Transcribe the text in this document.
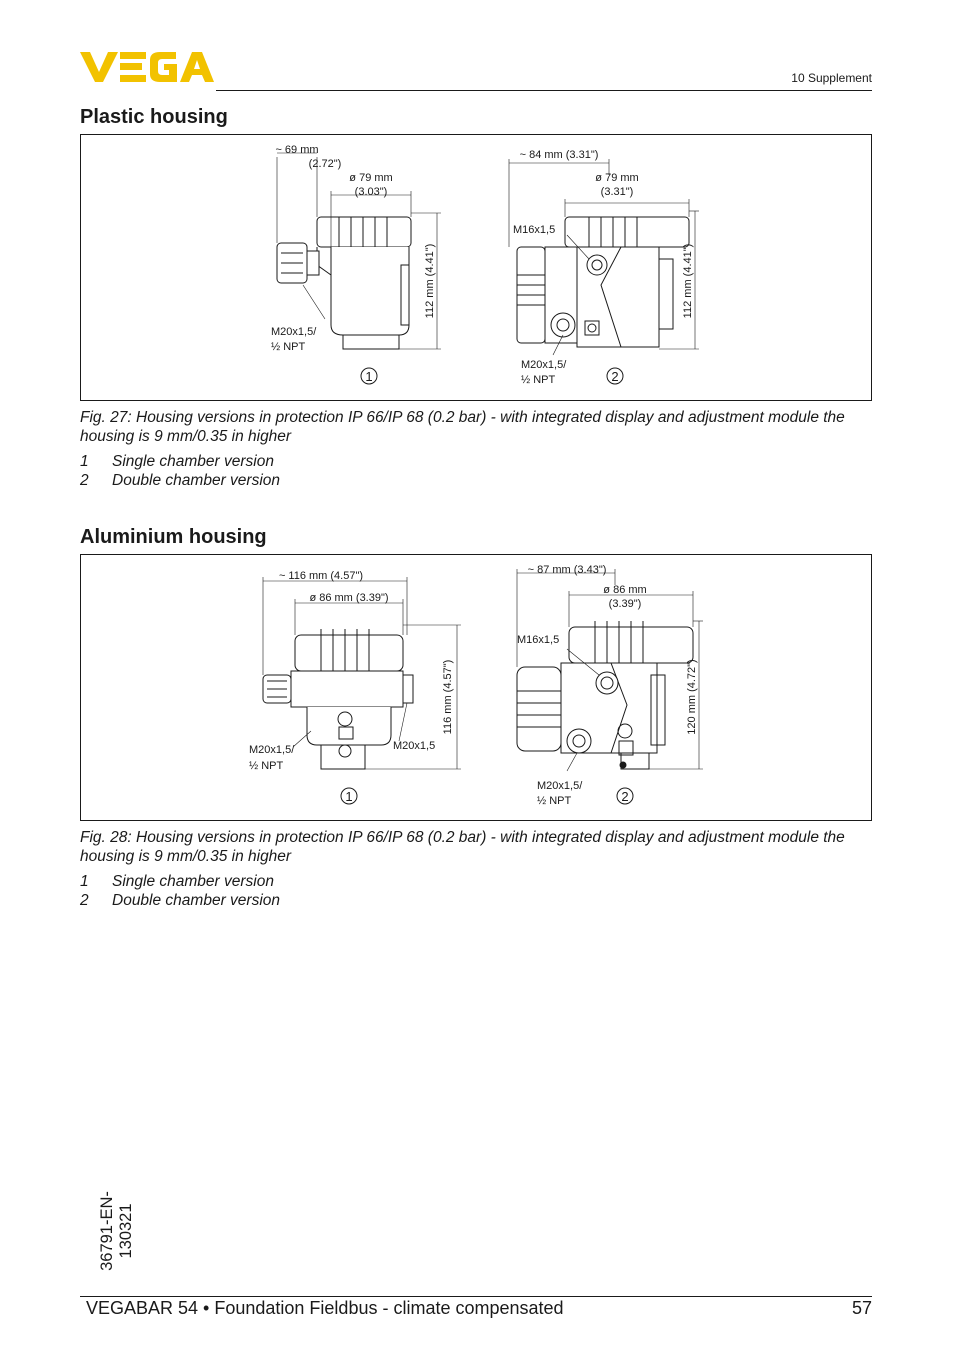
10 Supplement
Plastic housing
~ 69 mm
(2.72")
ø 79 mm
(3.03")
112 mm (4.41")
M20x1,5/
½ NPT
~ 84 mm (3.31")
ø 79 mm
(3.31")
112 mm (4.41")
M16x1,5
M20x1,5/
½ NPT
1	2

Fig. 27: Housing versions in protection IP 66/IP 68 (0.2 bar) - with integrated display and adjustment module the housing is 9 mm/0.35 in higher

1 Single chamber version
2 Double chamber version
Aluminium housing
~ 116 mm (4.57")
ø 86 mm (3.39")
116 mm (4.57")
M20x1,5/
½ NPT
M20x1,5
~ 87 mm (3.43")
ø 86 mm
(3.39")
120 mm (4.72")
M16x1,5
M20x1,5/
½ NPT
1	2

Fig. 28: Housing versions in protection IP 66/IP 68 (0.2 bar) - with integrated display and adjustment module the housing is 9 mm/0.35 in higher

1 Single chamber version
2 Double chamber version
36791-EN-130321
VEGABAR 54 • Foundation Fieldbus - climate compensated	57
